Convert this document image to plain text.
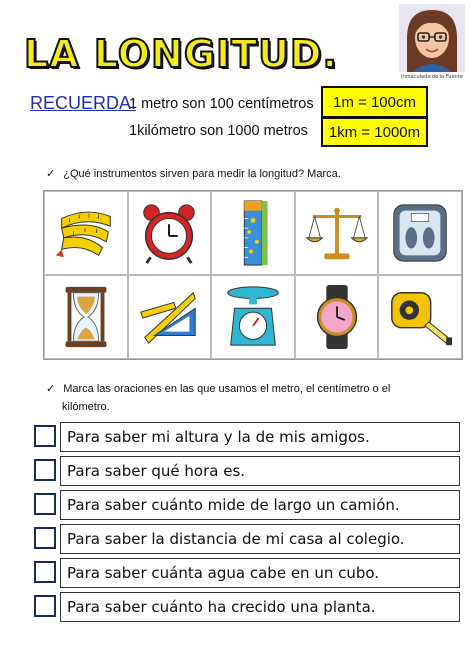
LA LONGITUD.
Inmaculada de la Fuente
RECUERDA:
1 metro son 100 centímetros	1m = 100cm
1kilómetro son 1000 metros	1km = 1000m
✓ ¿Qué instrumentos sirven para medir la longitud? Marca.
✓ Marca las oraciones en las que usamos el metro, el centímetro o el
kilómetro.
Para saber mi altura y la de mis amigos.
Para saber qué hora es.
Para saber cuánto mide de largo un camión.
Para saber la distancia de mi casa al colegio.
Para saber cuánta agua cabe en un cubo.
Para saber cuánto ha crecido una planta.
